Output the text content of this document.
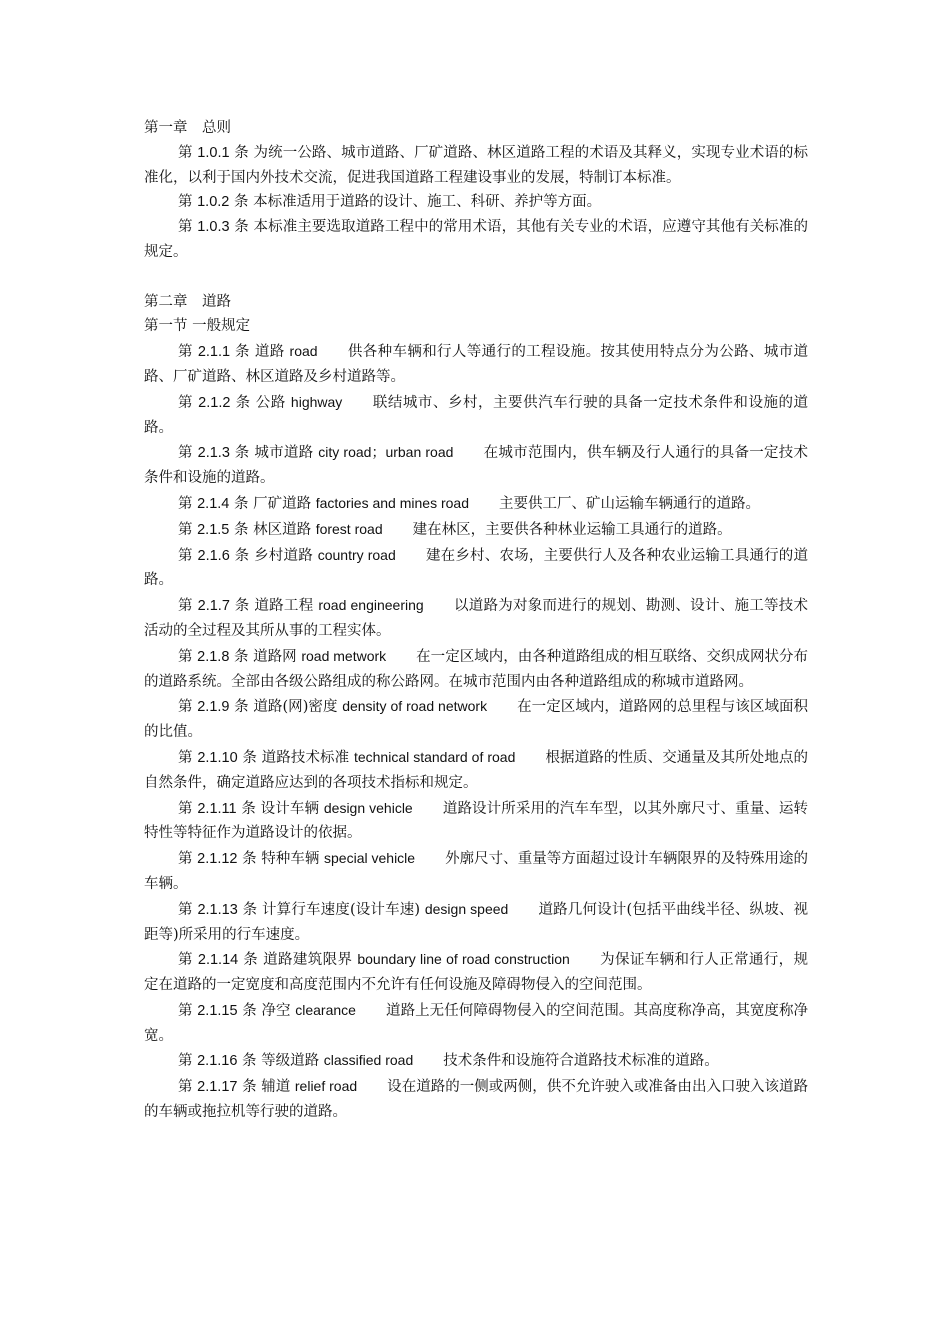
第一章　总则

第 1.0.1 条 为统一公路、城市道路、厂矿道路、林区道路工程的术语及其释义，实现专业术语的标准化，以利于国内外技术交流，促进我国道路工程建设事业的发展，特制订本标准。

第 1.0.2 条 本标准适用于道路的设计、施工、科研、养护等方面。

第 1.0.3 条 本标准主要选取道路工程中的常用术语，其他有关专业的术语，应遵守其他有关标准的规定。

第二章　道路

第一节 一般规定

第 2.1.1 条 道路 road 供各种车辆和行人等通行的工程设施。按其使用特点分为公路、城市道路、厂矿道路、林区道路及乡村道路等。

第 2.1.2 条 公路 highway 联结城市、乡村，主要供汽车行驶的具备一定技术条件和设施的道路。

第 2.1.3 条 城市道路 city road；urban road 在城市范围内，供车辆及行人通行的具备一定技术条件和设施的道路。

第 2.1.4 条 厂矿道路 factories and mines road 主要供工厂、矿山运输车辆通行的道路。

第 2.1.5 条 林区道路 forest road 建在林区，主要供各种林业运输工具通行的道路。

第 2.1.6 条 乡村道路 country road 建在乡村、农场，主要供行人及各种农业运输工具通行的道路。

第 2.1.7 条 道路工程 road engineering 以道路为对象而进行的规划、勘测、设计、施工等技术活动的全过程及其所从事的工程实体。

第 2.1.8 条 道路网 road metwork 在一定区域内，由各种道路组成的相互联络、交织成网状分布的道路系统。全部由各级公路组成的称公路网。在城市范围内由各种道路组成的称城市道路网。

第 2.1.9 条 道路(网)密度 density of road network 在一定区域内，道路网的总里程与该区域面积的比值。

第 2.1.10 条 道路技术标准 technical standard of road 根据道路的性质、交通量及其所处地点的自然条件，确定道路应达到的各项技术指标和规定。

第 2.1.11 条 设计车辆 design vehicle 道路设计所采用的汽车车型，以其外廓尺寸、重量、运转特性等特征作为道路设计的依据。

第 2.1.12 条 特种车辆 special vehicle 外廓尺寸、重量等方面超过设计车辆限界的及特殊用途的车辆。

第 2.1.13 条 计算行车速度(设计车速) design speed 道路几何设计(包括平曲线半径、纵坡、视距等)所采用的行车速度。

第 2.1.14 条 道路建筑限界 boundary line of road construction 为保证车辆和行人正常通行，规定在道路的一定宽度和高度范围内不允许有任何设施及障碍物侵入的空间范围。

第 2.1.15 条 净空 clearance 道路上无任何障碍物侵入的空间范围。其高度称净高，其宽度称净宽。

第 2.1.16 条 等级道路 classified road 技术条件和设施符合道路技术标准的道路。

第 2.1.17 条 辅道 relief road 设在道路的一侧或两侧，供不允许驶入或准备由出入口驶入该道路的车辆或拖拉机等行驶的道路。
